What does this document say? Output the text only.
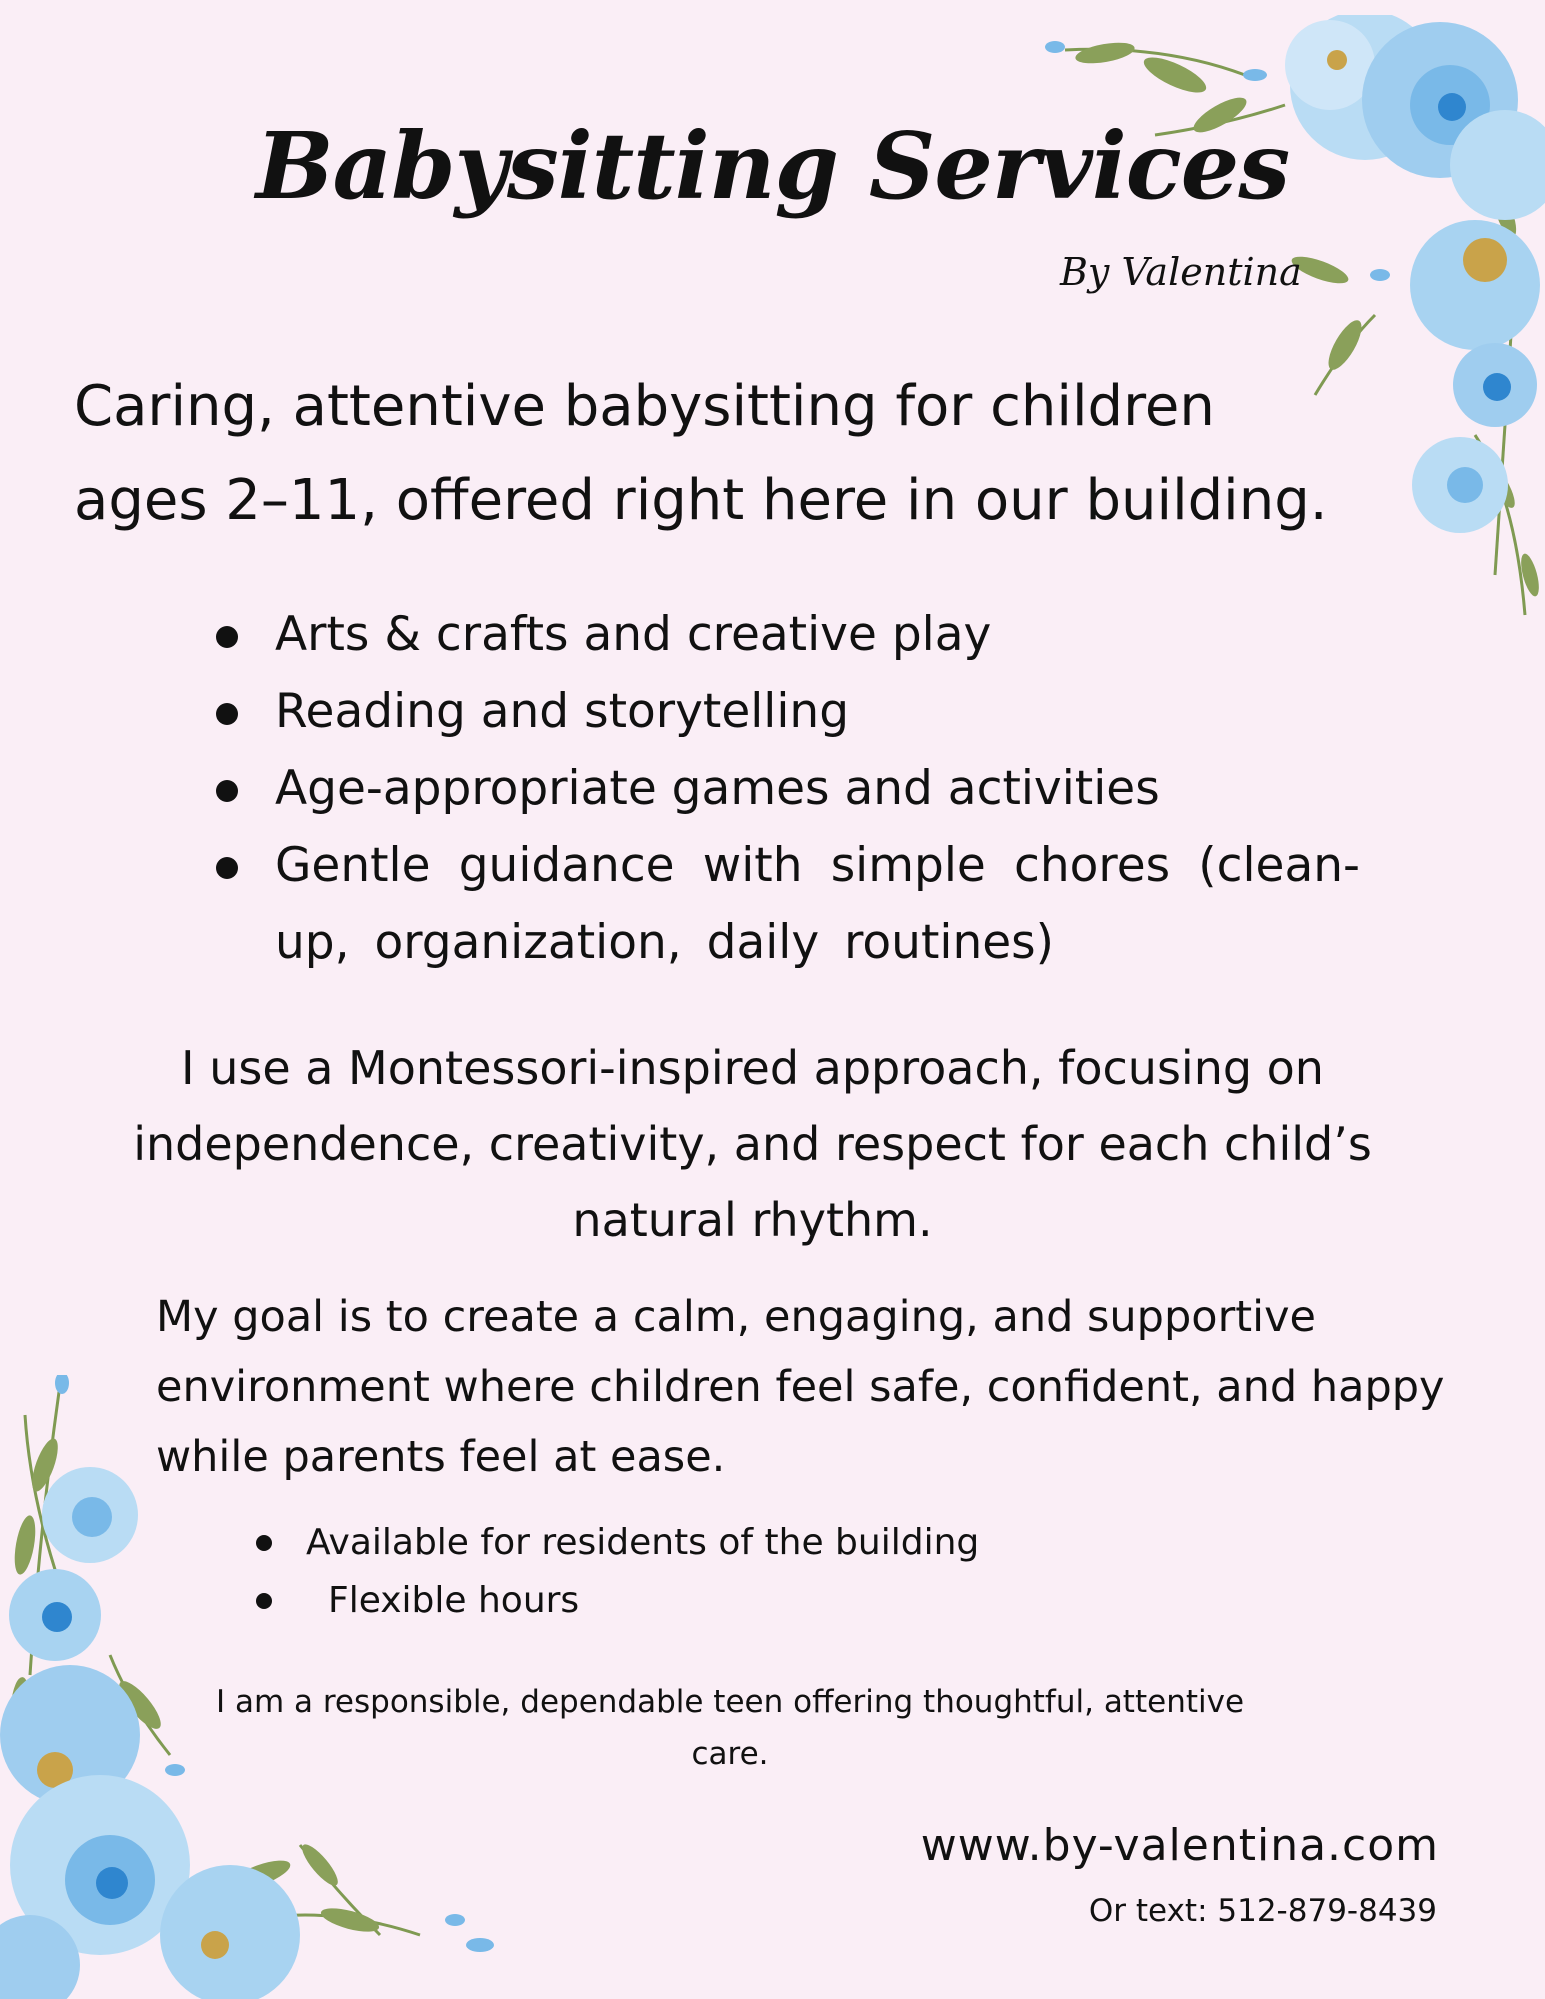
Babysitting Services

By Valentina

Caring, attentive babysitting for children
ages 2–11, offered right here in our building.

Arts & crafts and creative play
Reading and storytelling
Age-appropriate games and activities
Gentle guidance with simple chores (clean-up, organization, daily routines)

I use a Montessori-inspired approach, focusing on independence, creativity, and respect for each child’s natural rhythm.

My goal is to create a calm, engaging, and supportive
environment where children feel safe, confident, and happy
while parents feel at ease.

Available for residents of the building
Flexible hours

I am a responsible, dependable teen offering thoughtful, attentive care.

www.by-valentina.com

Or text: 512-879-8439
